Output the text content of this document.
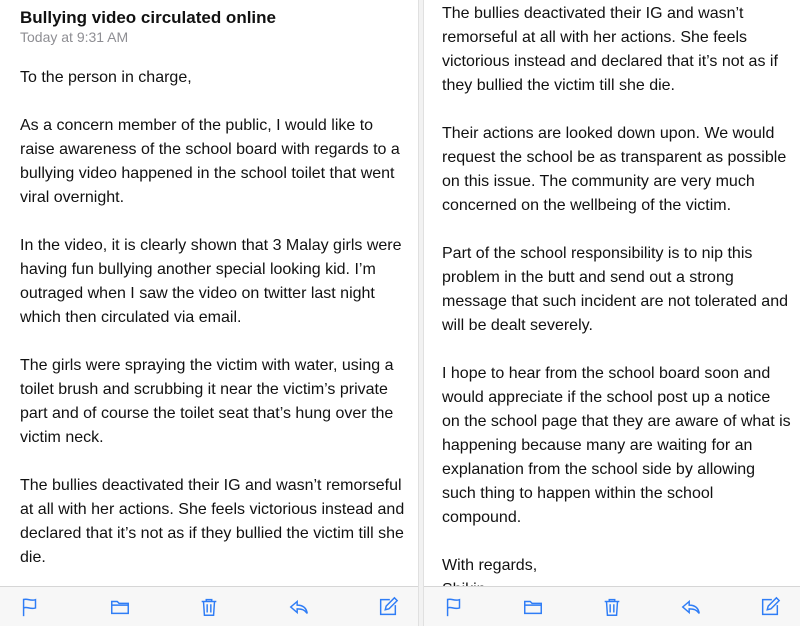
Bullying video circulated online
Today at 9:31 AM

To the person in charge,

As a concern member of the public, I would like to raise awareness of the school board with regards to a bullying video happened in the school toilet that went viral overnight.

In the video, it is clearly shown that 3 Malay girls were having fun bullying another special looking kid. I’m outraged when I saw the video on twitter last night which then circulated via email.

The girls were spraying the victim with water, using a toilet brush and scrubbing it near the victim’s private part and of course the toilet seat that’s hung over the victim neck.

The bullies deactivated their IG and wasn’t remorseful at all with her actions. She feels victorious instead and declared that it’s not as if they bullied the victim till she die.

The bullies deactivated their IG and wasn’t remorseful at all with her actions. She feels victorious instead and declared that it’s not as if they bullied the victim till she die.

Their actions are looked down upon. We would request the school be as transparent as possible on this issue. The community are very much concerned on the wellbeing of the victim.

Part of the school responsibility is to nip this problem in the butt and send out a strong message that such incident are not tolerated and will be dealt severely.

I hope to hear from the school board soon and would appreciate if the school post up a notice on the school page that they are aware of what is happening because many are waiting for an explanation from the school side by allowing such thing to happen within the school compound.

With regards,
